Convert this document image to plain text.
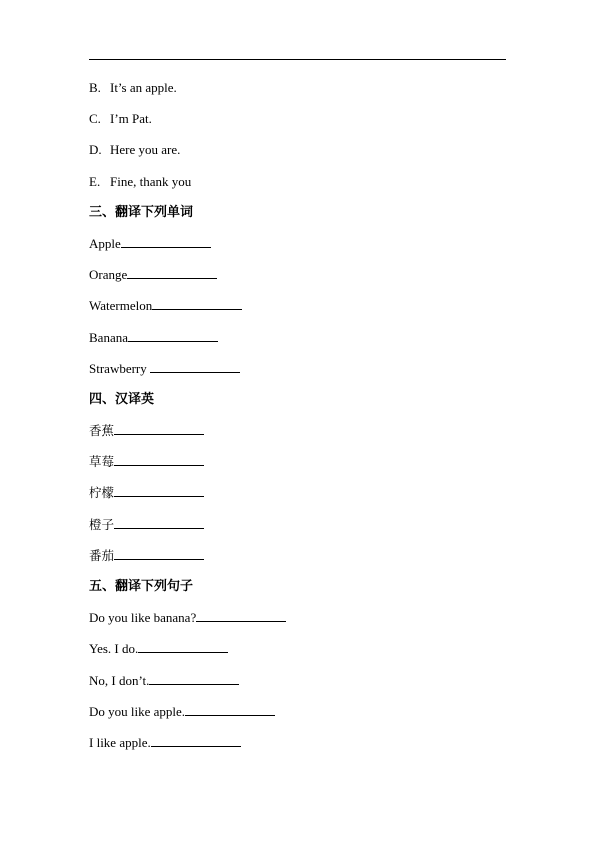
B. It’s an apple.
C. I’m Pat.
D. Here you are.
E. Fine, thank you
三、翻译下列单词
Apple
Orange
Watermelon
Banana
Strawberry
四、汉译英
香蕉
草莓
柠檬
橙子
番茄
五、翻译下列句子
Do you like banana?
Yes. I do.
No, I don’t.
Do you like apple.
I like apple.
